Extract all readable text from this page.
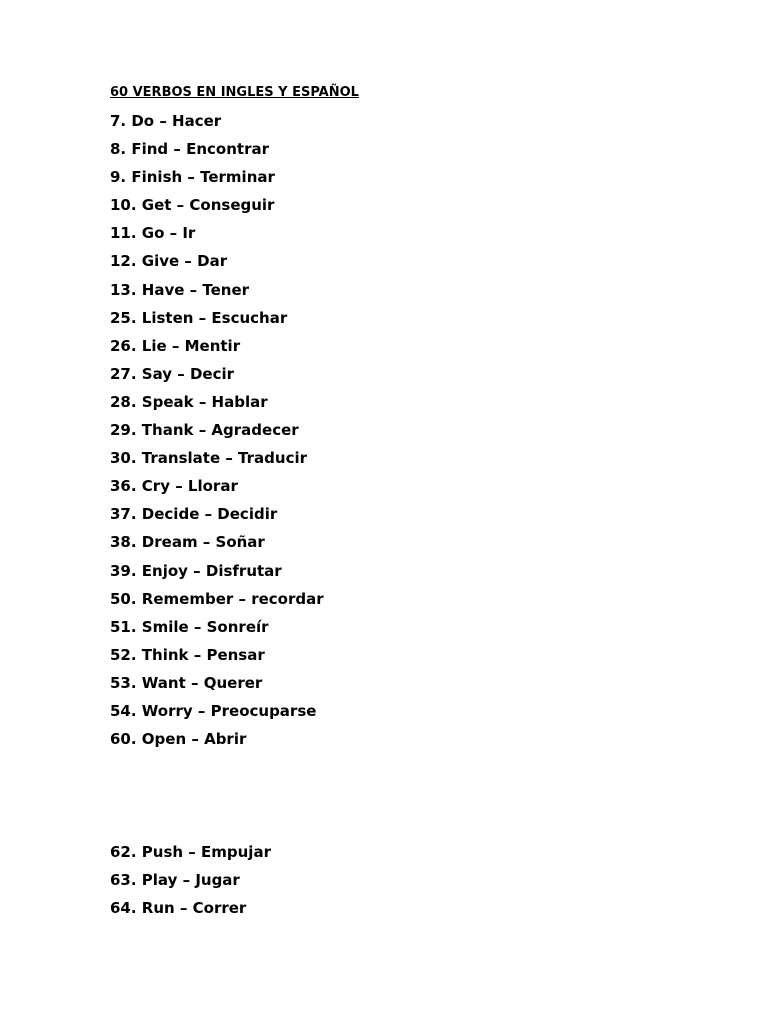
60 VERBOS EN INGLES Y ESPAÑOL
7. Do – Hacer
8. Find – Encontrar
9. Finish – Terminar
10. Get – Conseguir
11. Go – Ir
12. Give – Dar
13. Have – Tener
25. Listen – Escuchar
26. Lie – Mentir
27. Say – Decir
28. Speak – Hablar
29. Thank – Agradecer
30. Translate – Traducir
36. Cry – Llorar
37. Decide – Decidir
38. Dream – Soñar
39. Enjoy – Disfrutar
50. Remember – recordar
51. Smile – Sonreír
52. Think – Pensar
53. Want – Querer
54. Worry – Preocuparse
60. Open – Abrir
62. Push – Empujar
63. Play – Jugar
64. Run – Correr
